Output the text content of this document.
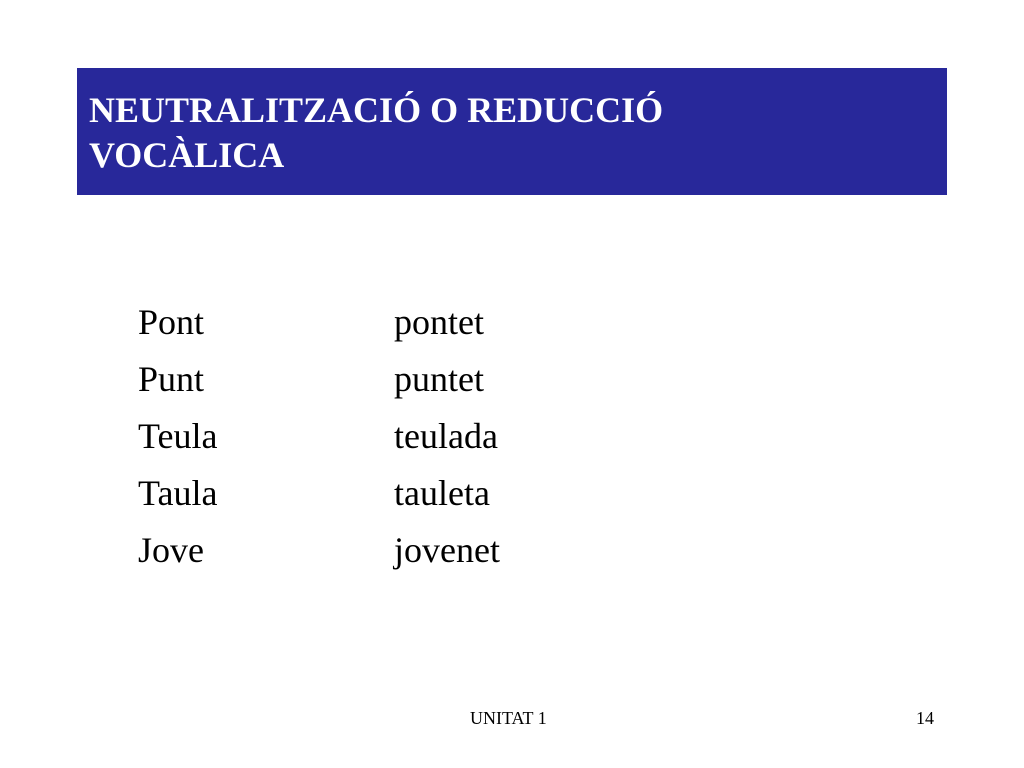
NEUTRALITZACIÓ O REDUCCIÓ
VOCÀLICA
Pont	pontet
Punt	puntet
Teula	teulada
Taula	tauleta
Jove	jovenet
UNITAT 1	14
